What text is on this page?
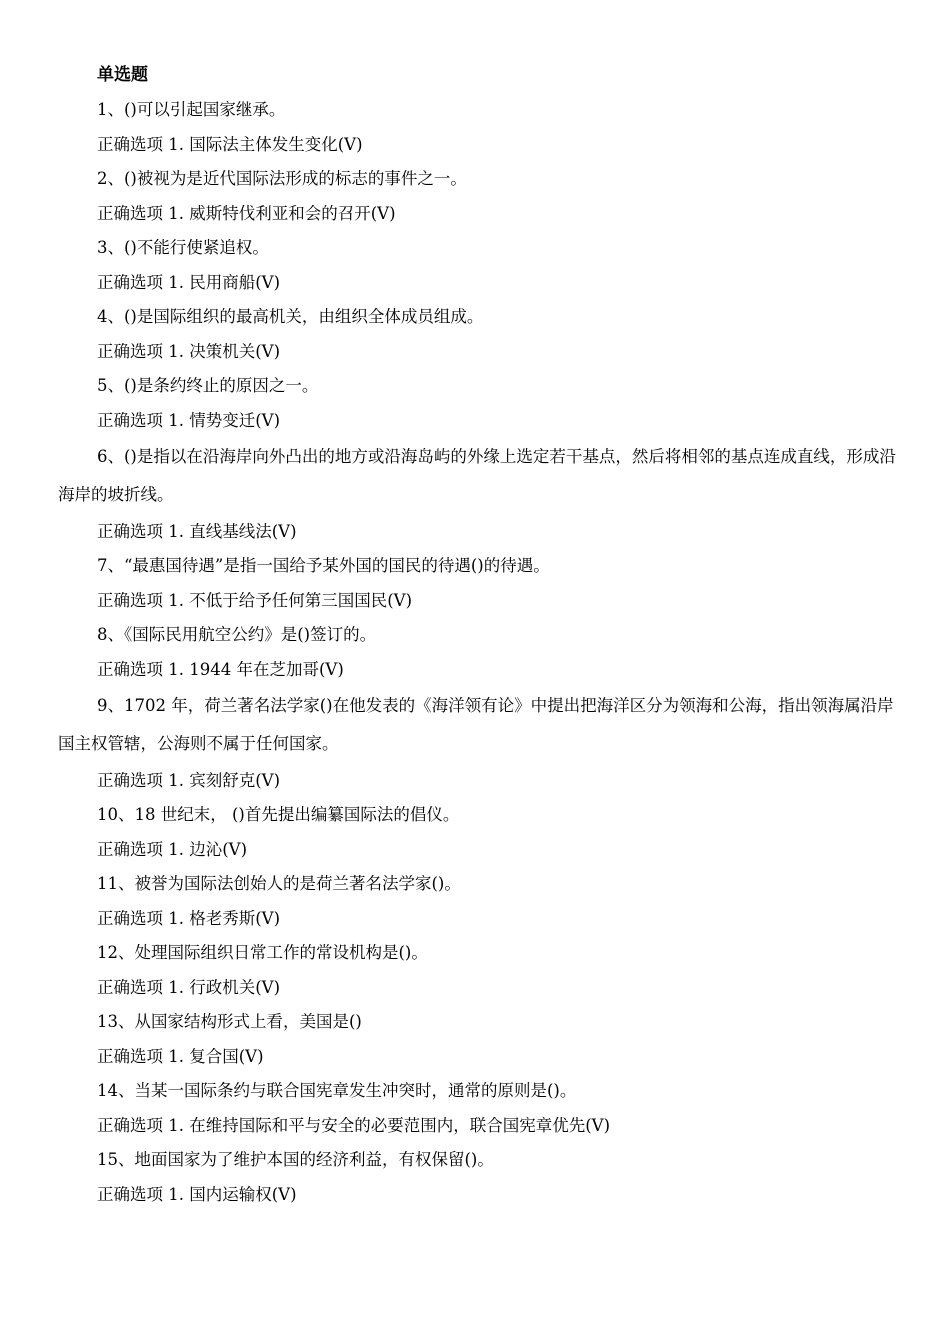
单选题

1、()可以引起国家继承。

正确选项 1. 国际法主体发生变化(V)

2、()被视为是近代国际法形成的标志的事件之一。

正确选项 1. 威斯特伐利亚和会的召开(V)

3、()不能行使紧追权。

正确选项 1. 民用商船(V)

4、()是国际组织的最高机关，由组织全体成员组成。

正确选项 1. 决策机关(V)

5、()是条约终止的原因之一。

正确选项 1. 情势变迁(V)

6、()是指以在沿海岸向外凸出的地方或沿海岛屿的外缘上选定若干基点，然后将相邻的基点连成直线，形成沿海岸的坡折线。

正确选项 1. 直线基线法(V)

7、“最惠国待遇”是指一国给予某外国的国民的待遇()的待遇。

正确选项 1. 不低于给予任何第三国国民(V)

8、《国际民用航空公约》是()签订的。

正确选项 1. 1944 年在芝加哥(V)

9、1702 年，荷兰著名法学家()在他发表的《海洋领有论》中提出把海洋区分为领海和公海，指出领海属沿岸国主权管辖，公海则不属于任何国家。

正确选项 1. 宾刻舒克(V)

10、18 世纪末， ()首先提出编纂国际法的倡仪。

正确选项 1. 边沁(V)

11、被誉为国际法创始人的是荷兰著名法学家()。

正确选项 1. 格老秀斯(V)

12、处理国际组织日常工作的常设机构是()。

正确选项 1. 行政机关(V)

13、从国家结构形式上看，美国是()

正确选项 1. 复合国(V)

14、当某一国际条约与联合国宪章发生冲突时，通常的原则是()。

正确选项 1. 在维持国际和平与安全的必要范围内，联合国宪章优先(V)

15、地面国家为了维护本国的经济利益，有权保留()。

正确选项 1. 国内运输权(V)
